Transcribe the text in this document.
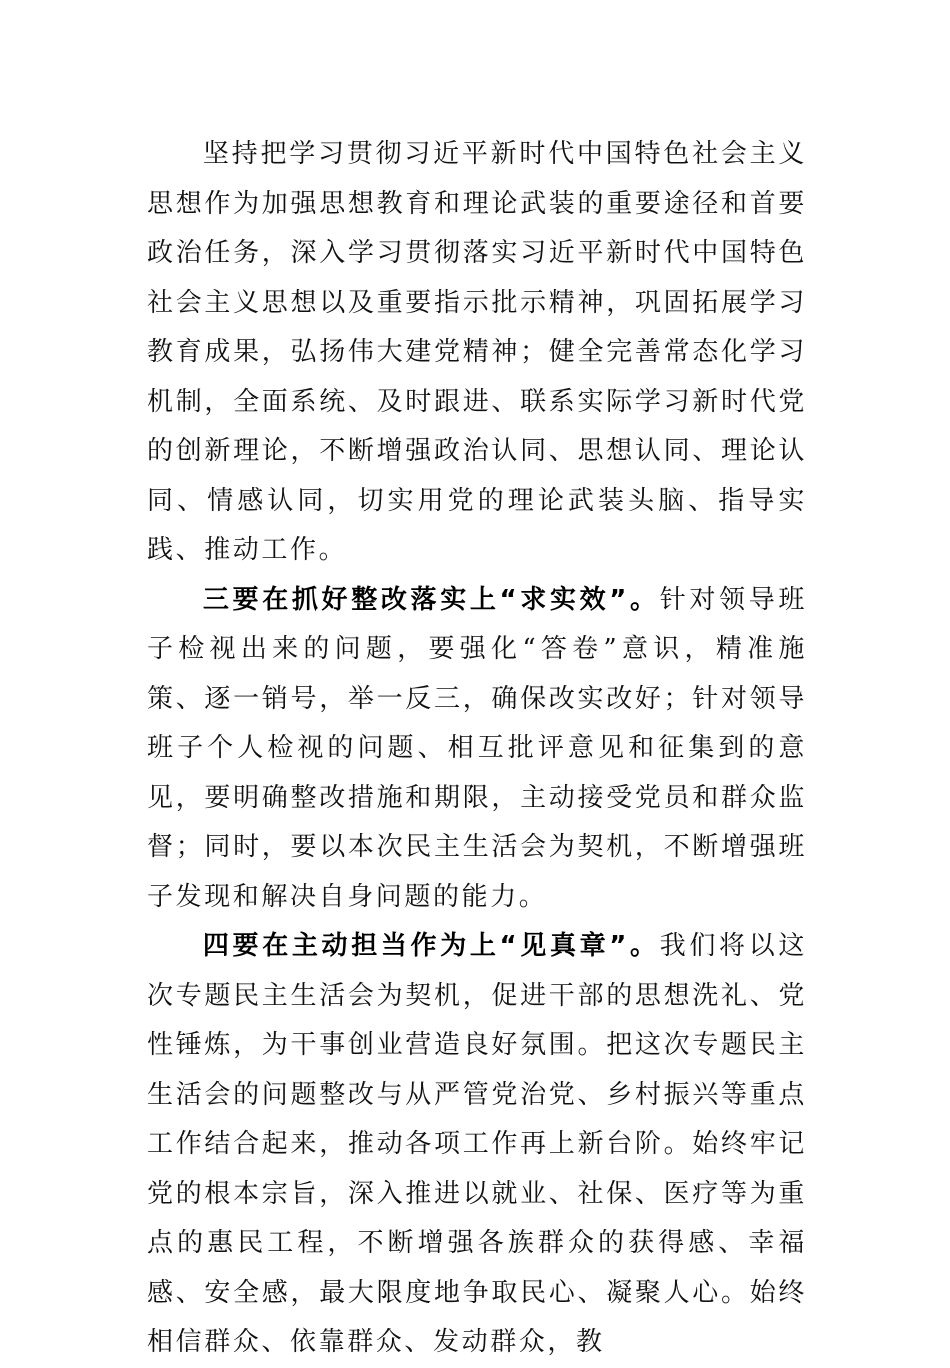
坚持把学习贯彻习近平新时代中国特色社会主义思想作为加强思想教育和理论武装的重要途径和首要政治任务，深入学习贯彻落实习近平新时代中国特色社会主义思想以及重要指示批示精神，巩固拓展学习教育成果，弘扬伟大建党精神；健全完善常态化学习机制，全面系统、及时跟进、联系实际学习新时代党的创新理论，不断增强政治认同、思想认同、理论认同、情感认同，切实用党的理论武装头脑、指导实践、推动工作。

三要在抓好整改落实上“求实效”。针对领导班子检视出来的问题，要强化“答卷”意识，精准施策、逐一销号，举一反三，确保改实改好；针对领导班子个人检视的问题、相互批评意见和征集到的意见，要明确整改措施和期限，主动接受党员和群众监督；同时，要以本次民主生活会为契机，不断增强班子发现和解决自身问题的能力。

四要在主动担当作为上“见真章”。我们将以这次专题民主生活会为契机，促进干部的思想洗礼、党性锤炼，为干事创业营造良好氛围。把这次专题民主生活会的问题整改与从严管党治党、乡村振兴等重点工作结合起来，推动各项工作再上新台阶。始终牢记党的根本宗旨，深入推进以就业、社保、医疗等为重点的惠民工程，不断增强各族群众的获得感、幸福感、安全感，最大限度地争取民心、凝聚人心。始终相信群众、依靠群众、发动群众，教
